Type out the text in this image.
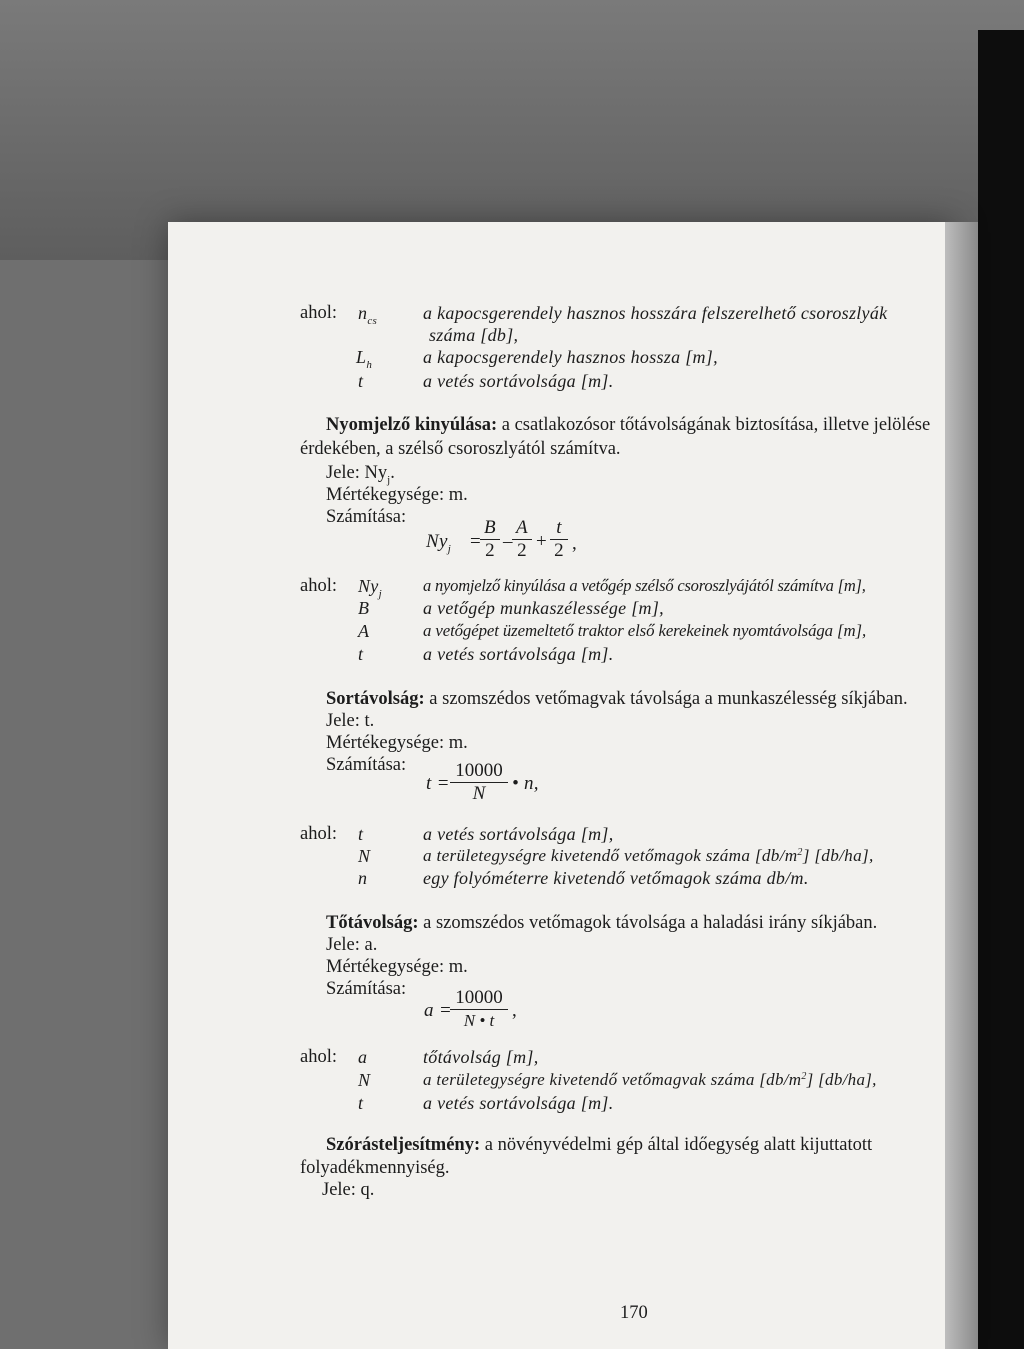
ahol: $n_{cs}$	a kapocsgerendely hasznos hosszára felszerelhető csoroszlyák
száma [db],
$L_h$	a kapocsgerendely hasznos hossza [m],
t	a vetés sortávolsága [m].
Nyomjelző kinyúlása: a csatlakozósor tőtávolságának biztosítása, illetve jelölése
érdekében, a szélső csoroszlyától számítva.
Jele: $Ny_j$.
Mértékegysége: m.
Számítása:
$Ny_j = \frac{B}{2} - \frac{A}{2} + \frac{t}{2}$ ,
ahol: $Ny_j$ a nyomjelző kinyúlása a vetőgép szélső csoroszlyájától számítva [m],
B	a vetőgép munkaszélessége [m],
A	a vetőgépet üzemeltető traktor első kerekeinek nyomtávolsága [m],
t	a vetés sortávolsága [m].
Sortávolság: a szomszédos vetőmagvak távolsága a munkaszélesség síkjában.
Jele: t.
Mértékegysége: m.
Számítása:
$t = \frac{10000}{N}$ • n,
ahol: t	a vetés sortávolsága [m],
N	a területegységre kivetendő vetőmagok száma $[db/m^2]$ [db/ha],
n	egy folyóméterre kivetendő vetőmagok száma db/m.
Tőtávolság: a szomszédos vetőmagok távolsága a haladási irány síkjában.
Jele: a.
Mértékegysége: m.
Számítása:
a =
$\frac{10000}{N • t}$ ,
ahol: a	tőtávolság [m],
N	a területegységre kivetendő vetőmagvak száma $[db/m^2]$ [db/ha],
t	a vetés sortávolsága [m].
Szórásteljesítmény: a növényvédelmi gép által időegység alatt kijuttatott
folyadékmennyiség.
Jele: q.
170
